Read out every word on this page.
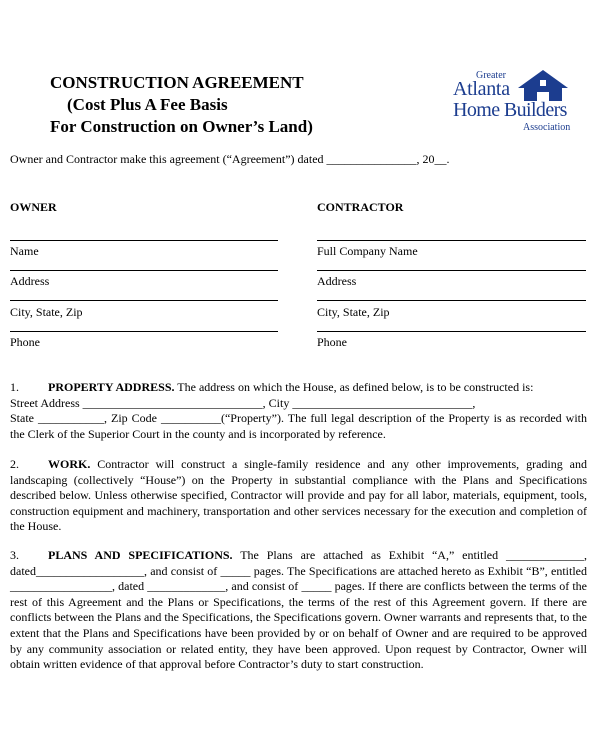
CONSTRUCTION AGREEMENT
(Cost Plus A Fee Basis
For Construction on Owner’s Land)
Greater
Atlanta
Home Builders
Association
Owner and Contractor make this agreement (“Agreement”) dated _______________, 20__.
OWNER	CONTRACTOR
Name
Address
City, State, Zip
Phone
Full Company Name
Address
City, State, Zip
Phone
1. PROPERTY ADDRESS. The address on which the House, as defined below, is to be constructed is:
Street Address ______________________________, City ______________________________,
State ___________, Zip Code __________(“Property”). The full legal description of the Property is as recorded with the Clerk of the Superior Court in the county and is incorporated by reference.
2. WORK. Contractor will construct a single-family residence and any other improvements, grading and landscaping (collectively “House”) on the Property in substantial compliance with the Plans and Specifications described below. Unless otherwise specified, Contractor will provide and pay for all labor, materials, equipment, tools, construction equipment and machinery, transportation and other services necessary for the execution and completion of the House.
3. PLANS AND SPECIFICATIONS. The Plans are attached as Exhibit “A,” entitled _____________, dated__________________, and consist of _____ pages. The Specifications are attached hereto as Exhibit “B”, entitled _________________, dated _____________, and consist of _____ pages. If there are conflicts between the terms of the rest of this Agreement and the Plans or Specifications, the terms of the rest of this Agreement govern. If there are conflicts between the Plans and the Specifications, the Specifications govern. Owner warrants and represents that, to the extent that the Plans and Specifications have been provided by or on behalf of Owner and are required to be approved by any community association or related entity, they have been approved. Upon request by Contractor, Owner will obtain written evidence of that approval before Contractor’s duty to start construction.
